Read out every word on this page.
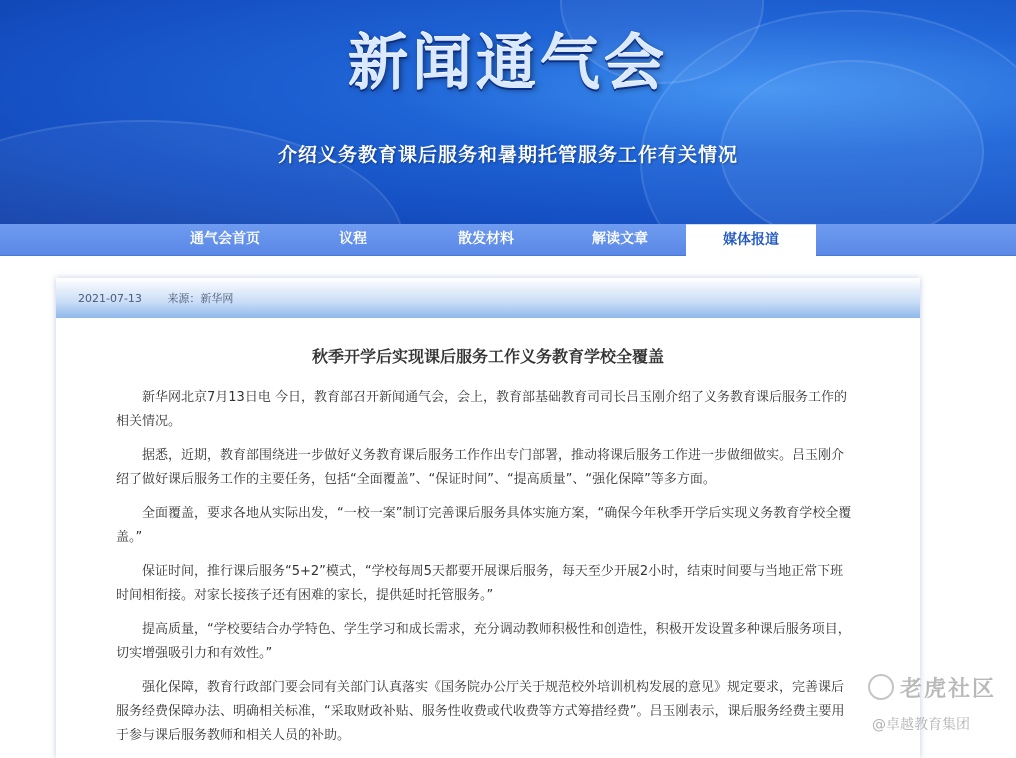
新闻通气会
介绍义务教育课后服务和暑期托管服务工作有关情况
通气会首页	议程	散发材料	解读文章	媒体报道
2021-07-13 来源：新华网
秋季开学后实现课后服务工作义务教育学校全覆盖

新华网北京7月13日电 今日，教育部召开新闻通气会，会上，教育部基础教育司司长吕玉刚介绍了义务教育课后服务工作的相关情况。

据悉，近期，教育部围绕进一步做好义务教育课后服务工作作出专门部署，推动将课后服务工作进一步做细做实。吕玉刚介绍了做好课后服务工作的主要任务，包括“全面覆盖”、“保证时间”、“提高质量”、“强化保障”等多方面。

全面覆盖，要求各地从实际出发，“一校一案”制订完善课后服务具体实施方案，“确保今年秋季开学后实现义务教育学校全覆盖。”

保证时间，推行课后服务“5+2”模式，“学校每周5天都要开展课后服务，每天至少开展2小时，结束时间要与当地正常下班时间相衔接。对家长接孩子还有困难的家长，提供延时托管服务。”

提高质量，“学校要结合办学特色、学生学习和成长需求，充分调动教师积极性和创造性，积极开发设置多种课后服务项目，切实增强吸引力和有效性。”

强化保障，教育行政部门要会同有关部门认真落实《国务院办公厅关于规范校外培训机构发展的意见》规定要求，完善课后服务经费保障办法、明确相关标准，“采取财政补贴、服务性收费或代收费等方式筹措经费”。吕玉刚表示，课后服务经费主要用于参与课后服务教师和相关人员的补助。

老虎社区
@卓越教育集团
